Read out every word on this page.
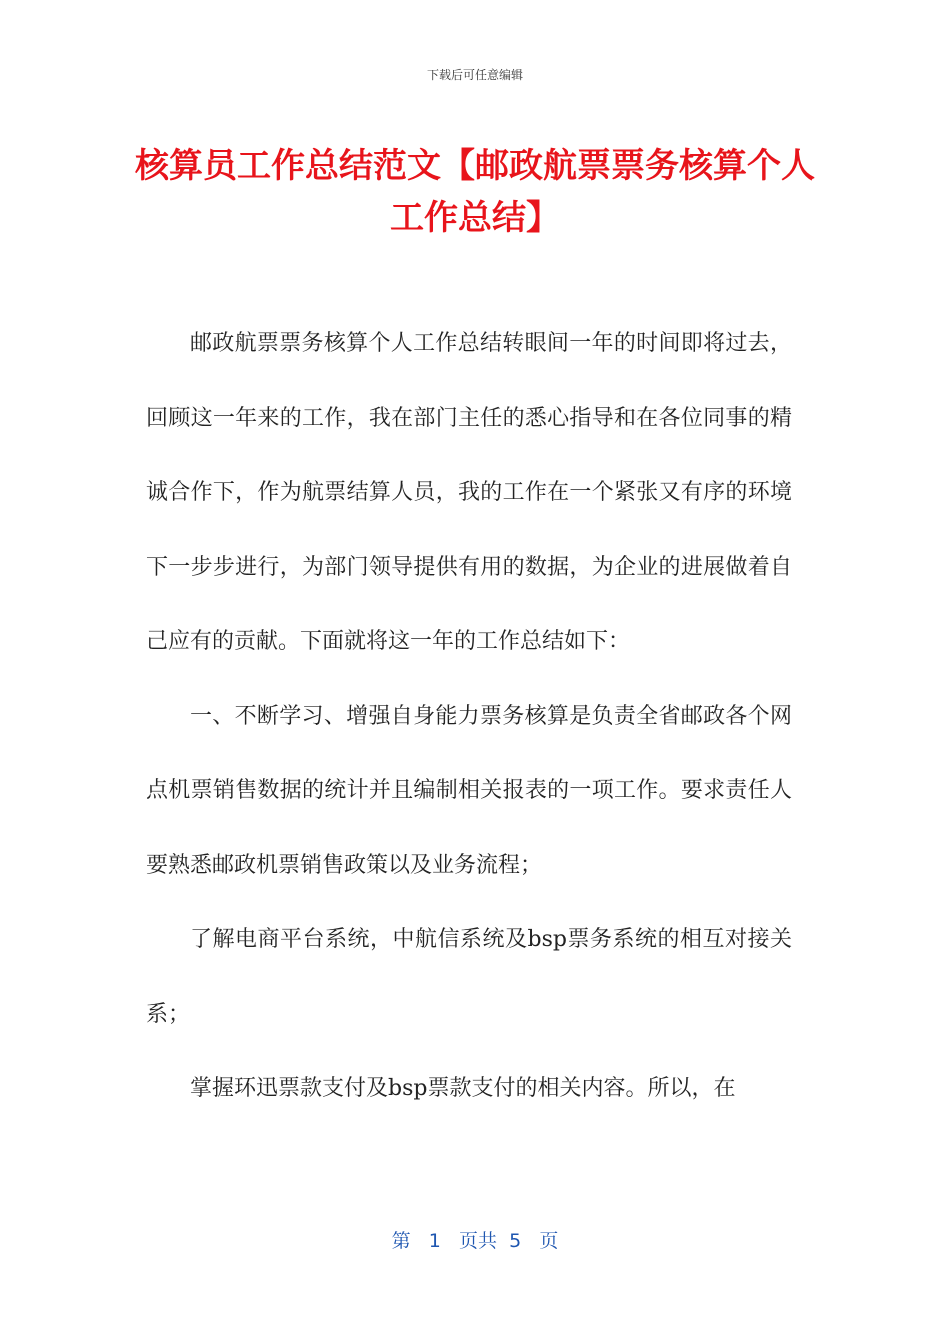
下载后可任意编辑
核算员工作总结范文【邮政航票票务核算个人工作总结】

邮政航票票务核算个人工作总结转眼间一年的时间即将过去，回顾这一年来的工作，我在部门主任的悉心指导和在各位同事的精诚合作下，作为航票结算人员，我的工作在一个紧张又有序的环境下一步步进行，为部门领导提供有用的数据，为企业的进展做着自己应有的贡献。下面就将这一年的工作总结如下：

一、不断学习、增强自身能力票务核算是负责全省邮政各个网点机票销售数据的统计并且编制相关报表的一项工作。要求责任人要熟悉邮政机票销售政策以及业务流程；

了解电商平台系统，中航信系统及bsp票务系统的相互对接关系；

掌握环迅票款支付及bsp票款支付的相关内容。所以，在

第 1 页共 5 页
